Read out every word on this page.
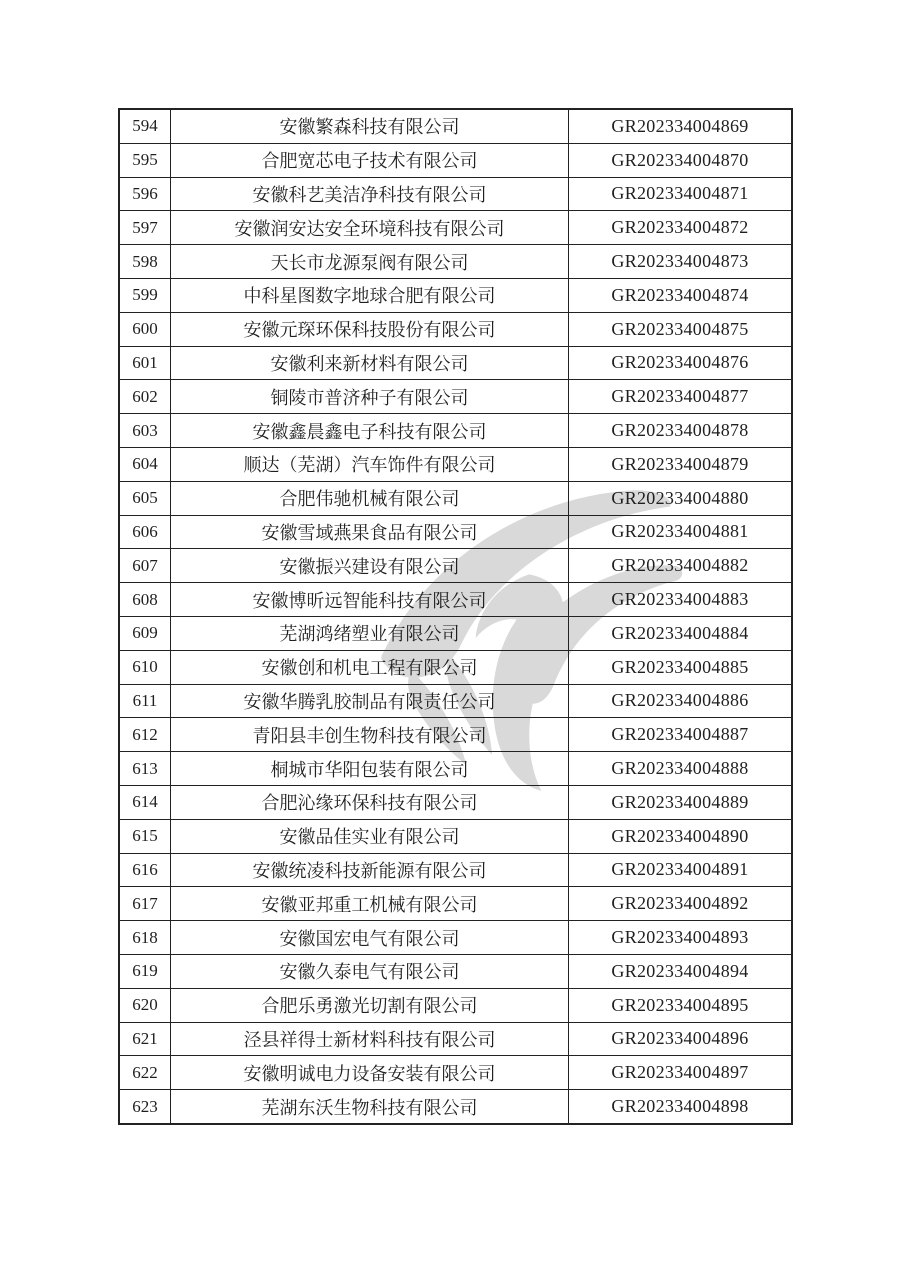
594	安徽繁森科技有限公司	GR202334004869
595	合肥宽芯电子技术有限公司	GR202334004870
596	安徽科艺美洁净科技有限公司	GR202334004871
597	安徽润安达安全环境科技有限公司	GR202334004872
598	天长市龙源泵阀有限公司	GR202334004873
599	中科星图数字地球合肥有限公司	GR202334004874
600	安徽元琛环保科技股份有限公司	GR202334004875
601	安徽利来新材料有限公司	GR202334004876
602	铜陵市普济种子有限公司	GR202334004877
603	安徽鑫晨鑫电子科技有限公司	GR202334004878
604	顺达（芜湖）汽车饰件有限公司	GR202334004879
605	合肥伟驰机械有限公司	GR202334004880
606	安徽雪域燕果食品有限公司	GR202334004881
607	安徽振兴建设有限公司	GR202334004882
608	安徽博昕远智能科技有限公司	GR202334004883
609	芜湖鸿绪塑业有限公司	GR202334004884
610	安徽创和机电工程有限公司	GR202334004885
611	安徽华腾乳胶制品有限责任公司	GR202334004886
612	青阳县丰创生物科技有限公司	GR202334004887
613	桐城市华阳包装有限公司	GR202334004888
614	合肥沁缘环保科技有限公司	GR202334004889
615	安徽品佳实业有限公司	GR202334004890
616	安徽统凌科技新能源有限公司	GR202334004891
617	安徽亚邦重工机械有限公司	GR202334004892
618	安徽国宏电气有限公司	GR202334004893
619	安徽久泰电气有限公司	GR202334004894
620	合肥乐勇激光切割有限公司	GR202334004895
621	泾县祥得士新材料科技有限公司	GR202334004896
622	安徽明诚电力设备安装有限公司	GR202334004897
623	芜湖东沃生物科技有限公司	GR202334004898
